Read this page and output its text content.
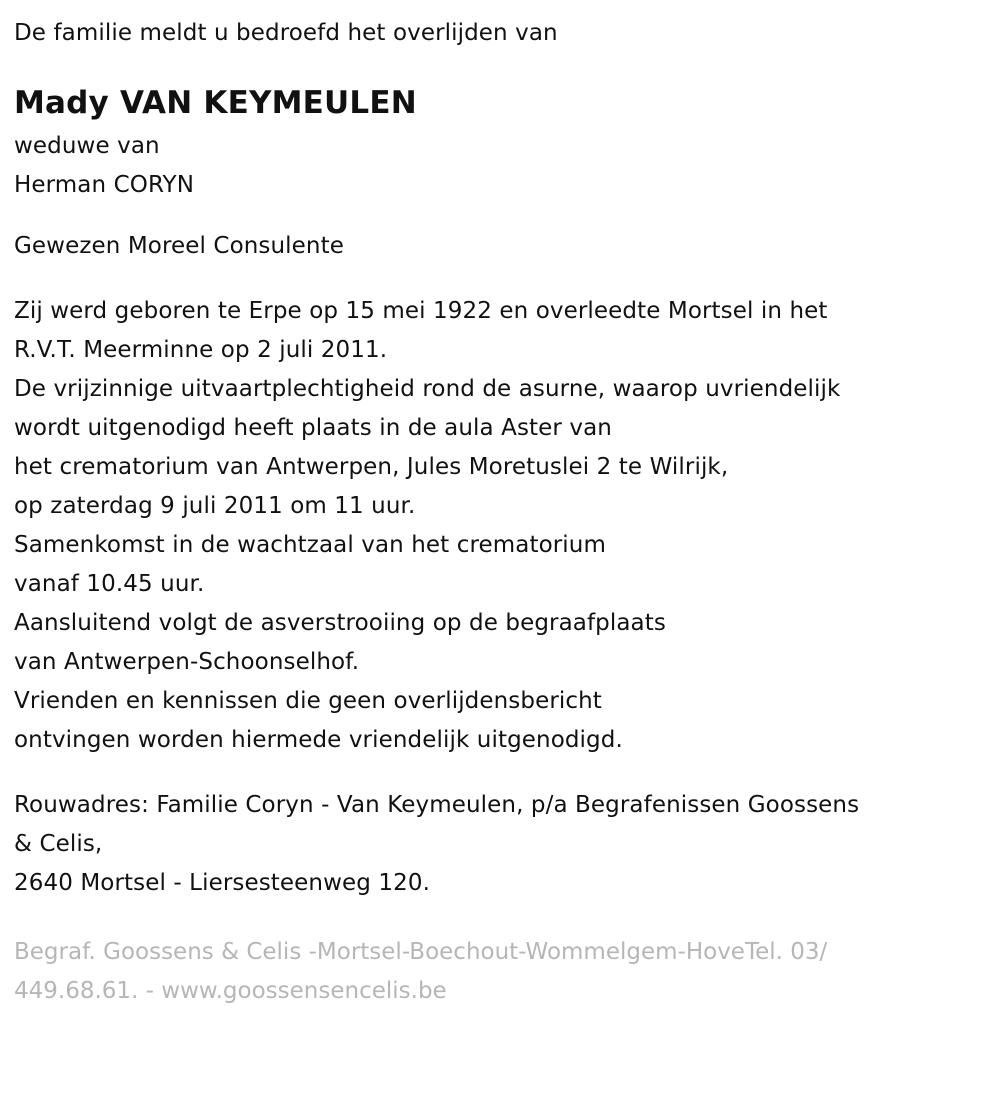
De familie meldt u bedroefd het overlijden van
Mady VAN KEYMEULEN
weduwe van
Herman CORYN
Gewezen Moreel Consulente
Zij werd geboren te Erpe op 15 mei 1922 en overleedte Mortsel in het
R.V.T. Meerminne op 2 juli 2011.
De vrijzinnige uitvaartplechtigheid rond de asurne, waarop uvriendelijk
wordt uitgenodigd heeft plaats in de aula Aster van
het crematorium van Antwerpen, Jules Moretuslei 2 te Wilrijk,
op zaterdag 9 juli 2011 om 11 uur.
Samenkomst in de wachtzaal van het crematorium
vanaf 10.45 uur.
Aansluitend volgt de asverstrooiing op de begraafplaats
van Antwerpen-Schoonselhof.
Vrienden en kennissen die geen overlijdensbericht
ontvingen worden hiermede vriendelijk uitgenodigd.
Rouwadres: Familie Coryn - Van Keymeulen, p/a Begrafenissen Goossens
& Celis,
2640 Mortsel - Liersesteenweg 120.
Begraf. Goossens & Celis -Mortsel-Boechout-Wommelgem-HoveTel. 03/
449.68.61. - www.goossensencelis.be
